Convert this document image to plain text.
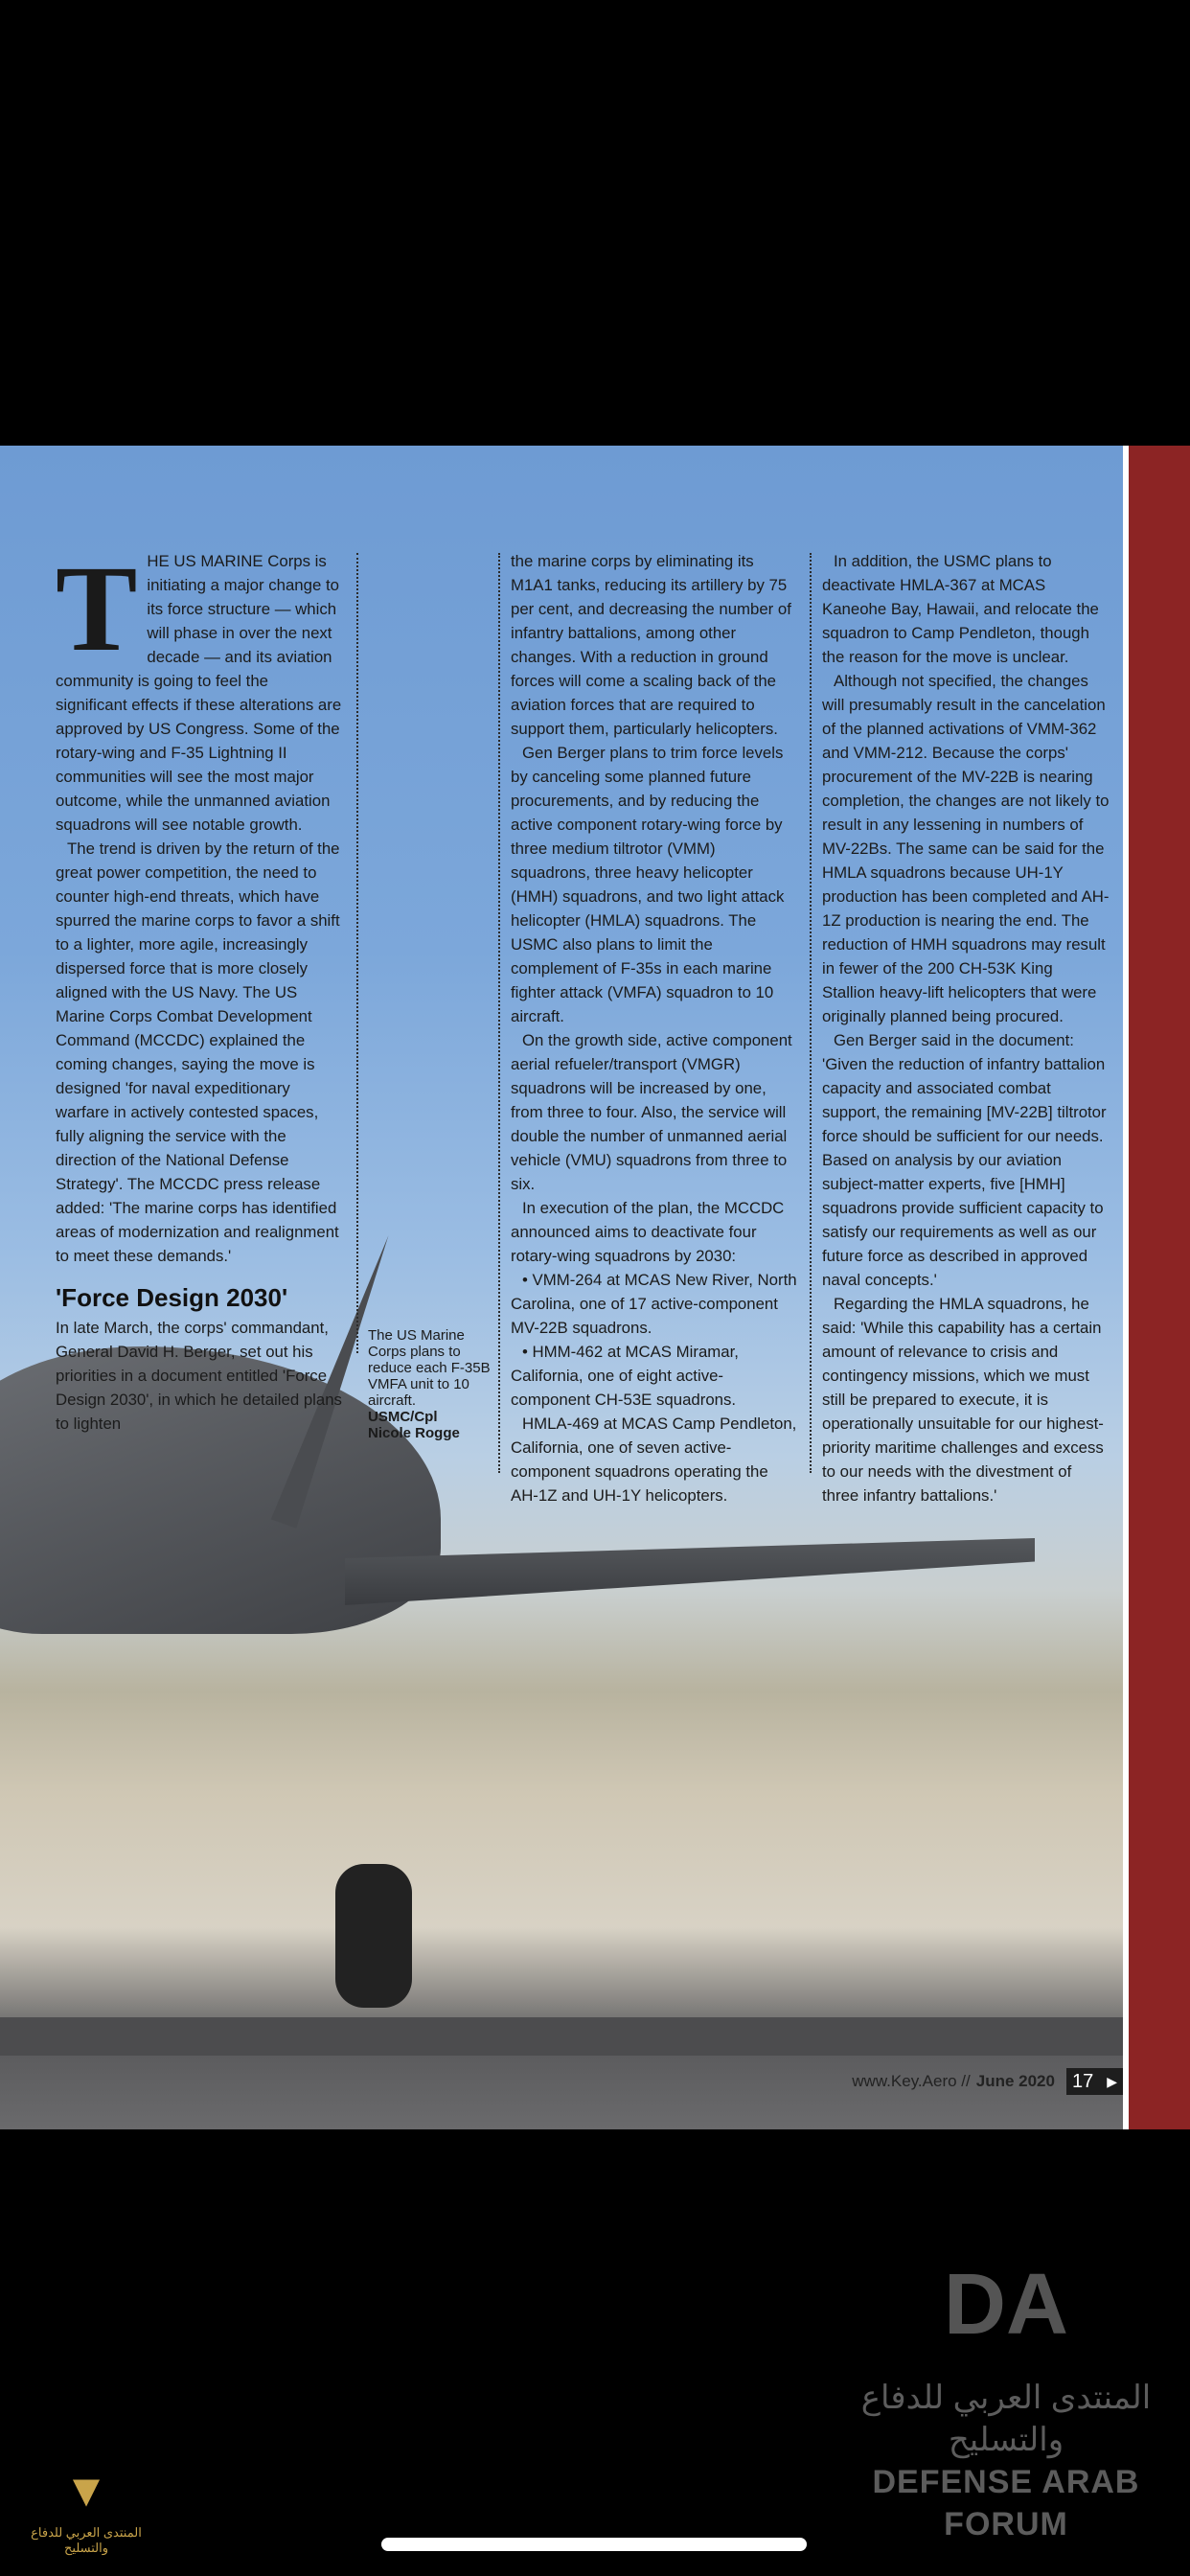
T HE US MARINE Corps is initiating a major change to its force structure — which will phase in over the next decade — and its aviation community is going to feel the significant effects if these alterations are approved by US Congress. Some of the rotary-wing and F-35 Lightning II communities will see the most major outcome, while the unmanned aviation squadrons will see notable growth.

The trend is driven by the return of the great power competition, the need to counter high-end threats, which have spurred the marine corps to favor a shift to a lighter, more agile, increasingly dispersed force that is more closely aligned with the US Navy. The US Marine Corps Combat Development Command (MCCDC) explained the coming changes, saying the move is designed 'for naval expeditionary warfare in actively contested spaces, fully aligning the service with the direction of the National Defense Strategy'. The MCCDC press release added: 'The marine corps has identified areas of modernization and realignment to meet these demands.'

'Force Design 2030'

In late March, the corps' commandant, General David H. Berger, set out his priorities in a document entitled 'Force Design 2030', in which he detailed plans to lighten

the marine corps by eliminating its M1A1 tanks, reducing its artillery by 75 per cent, and decreasing the number of infantry battalions, among other changes. With a reduction in ground forces will come a scaling back of the aviation forces that are required to support them, particularly helicopters.

Gen Berger plans to trim force levels by canceling some planned future procurements, and by reducing the active component rotary-wing force by three medium tiltrotor (VMM) squadrons, three heavy helicopter (HMH) squadrons, and two light attack helicopter (HMLA) squadrons. The USMC also plans to limit the complement of F-35s in each marine fighter attack (VMFA) squadron to 10 aircraft.

On the growth side, active component aerial refueler/transport (VMGR) squadrons will be increased by one, from three to four. Also, the service will double the number of unmanned aerial vehicle (VMU) squadrons from three to six.

In execution of the plan, the MCCDC announced aims to deactivate four rotary-wing squadrons by 2030:

• VMM-264 at MCAS New River, North Carolina, one of 17 active-component MV-22B squadrons.

• HMM-462 at MCAS Miramar, California, one of eight active-component CH-53E squadrons.

HMLA-469 at MCAS Camp Pendleton, California, one of seven active-component squadrons operating the AH-1Z and UH-1Y helicopters.

In addition, the USMC plans to deactivate HMLA-367 at MCAS Kaneohe Bay, Hawaii, and relocate the squadron to Camp Pendleton, though the reason for the move is unclear.

Although not specified, the changes will presumably result in the cancelation of the planned activations of VMM-362 and VMM-212. Because the corps' procurement of the MV-22B is nearing completion, the changes are not likely to result in any lessening in numbers of MV-22Bs. The same can be said for the HMLA squadrons because UH-1Y production has been completed and AH-1Z production is nearing the end. The reduction of HMH squadrons may result in fewer of the 200 CH-53K King Stallion heavy-lift helicopters that were originally planned being procured.

Gen Berger said in the document: 'Given the reduction of infantry battalion capacity and associated combat support, the remaining [MV-22B] tiltrotor force should be sufficient for our needs. Based on analysis by our aviation subject-matter experts, five [HMH] squadrons provide sufficient capacity to satisfy our requirements as well as our future force as described in approved naval concepts.'

Regarding the HMLA squadrons, he said: 'While this capability has a certain amount of relevance to crisis and contingency missions, which we must still be prepared to execute, it is operationally unsuitable for our highest-priority maritime challenges and excess to our needs with the divestment of three infantry battalions.'

The US Marine Corps plans to reduce each F-35B VMFA unit to 10 aircraft.
USMC/Cpl
Nicole Rogge
www.Key.Aero // June 2020 17 ▶
DA
المنتدى العربي للدفاع والتسليح
DEFENSE ARAB FORUM
▼
المنتدى العربي للدفاع والتسليح
